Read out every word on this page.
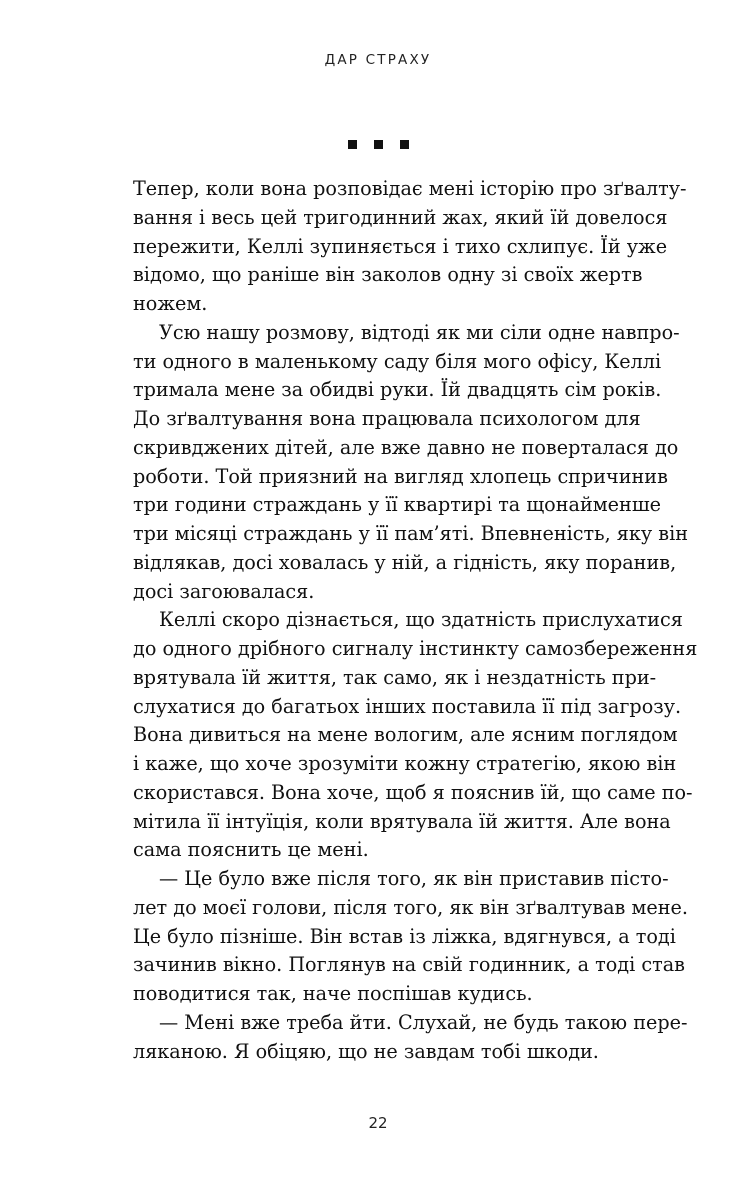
ДАР СТРАХУ
Тепер, коли вона розповідає мені історію про зґвалту-
вання і весь цей тригодинний жах, який їй довелося
пережити, Келлі зупиняється і тихо схлипує. Їй уже
відомо, що раніше він заколов одну зі своїх жертв
ножем.
Усю нашу розмову, відтоді як ми сіли одне навпро-
ти одного в маленькому саду біля мого офісу, Келлі
тримала мене за обидві руки. Їй двадцять сім років.
До зґвалтування вона працювала психологом для
скривджених дітей, але вже давно не поверталася до
роботи. Той приязний на вигляд хлопець спричинив
три години страждань у її квартирі та щонайменше
три місяці страждань у її пам’яті. Впевненість, яку він
відлякав, досі ховалась у ній, а гідність, яку поранив,
досі загоювалася.
Келлі скоро дізнається, що здатність прислухатися
до одного дрібного сигналу інстинкту самозбереження
врятувала їй життя, так само, як і нездатність при-
слухатися до багатьох інших поставила її під загрозу.
Вона дивиться на мене вологим, але ясним поглядом
і каже, що хоче зрозуміти кожну стратегію, якою він
скористався. Вона хоче, щоб я пояснив їй, що саме по-
мітила її інтуїція, коли врятувала їй життя. Але вона
сама пояснить це мені.
— Це було вже після того, як він приставив пісто-
лет до моєї голови, після того, як він зґвалтував мене.
Це було пізніше. Він встав із ліжка, вдягнувся, а тоді
зачинив вікно. Поглянув на свій годинник, а тоді став
поводитися так, наче поспішав кудись.
— Мені вже треба йти. Слухай, не будь такою пере-
ляканою. Я обіцяю, що не завдам тобі шкоди.
22
